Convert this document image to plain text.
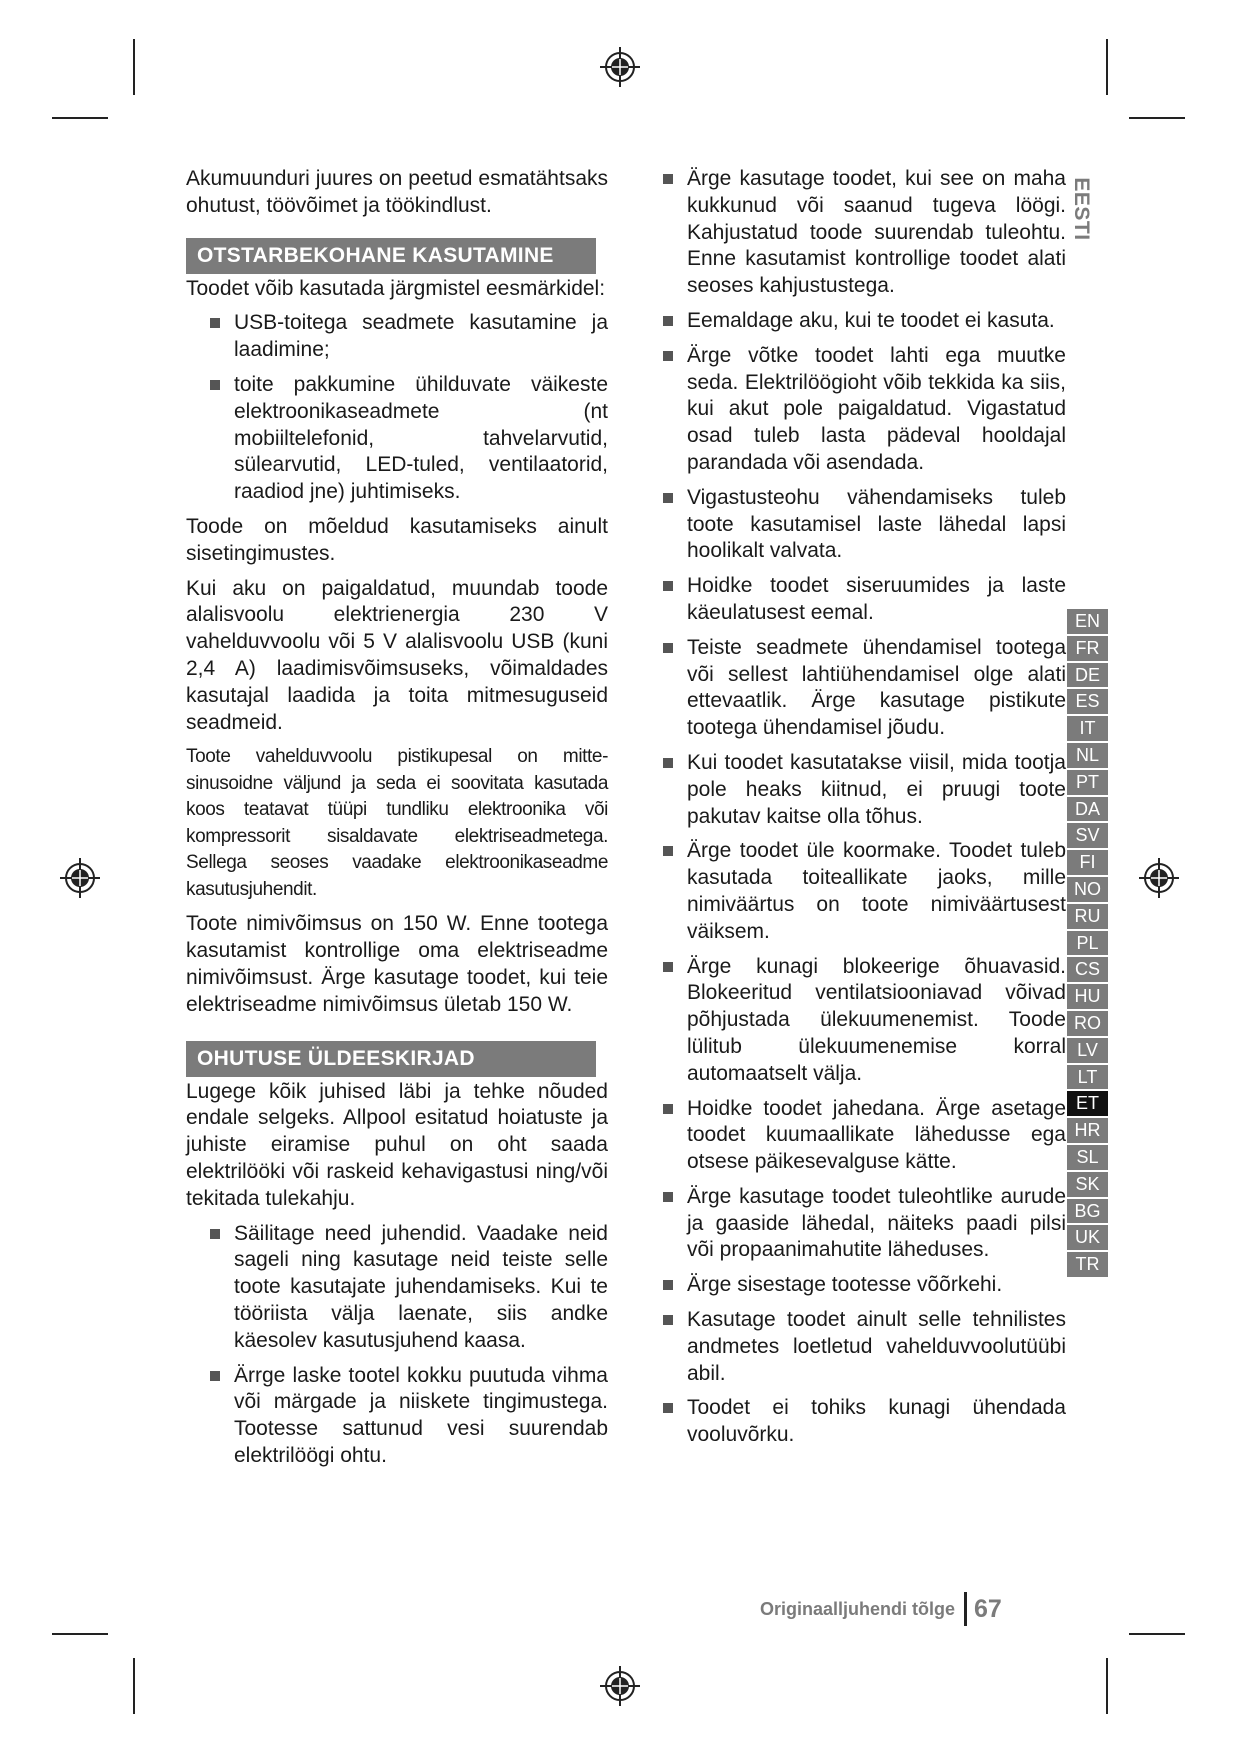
Akumuunduri juures on peetud esmatähtsaks ohutust, töövõimet ja töökindlust.

OTSTARBEKOHANE KASUTAMINE

Toodet võib kasutada järgmistel eesmärkidel:

USB-toitega seadmete kasutamine ja laadimine;
toite pakkumine ühilduvate väikeste elektroonikaseadmete (nt mobiiltelefonid, tahvelarvutid, sülearvutid, LED-tuled, ventilaatorid, raadiod jne) juhtimiseks.

Toode on mõeldud kasutamiseks ainult sisetingimustes.

Kui aku on paigaldatud, muundab toode alalisvoolu elektrienergia 230 V vahelduvvoolu või 5 V alalisvoolu USB (kuni 2,4 A) laadimisvõimsuseks, võimaldades kasutajal laadida ja toita mitmesuguseid seadmeid.

Toote vahelduvvoolu pistikupesal on mitte-sinusoidne väljund ja seda ei soovitata kasutada koos teatavat tüüpi tundliku elektroonika või kompressorit sisaldavate elektriseadmetega. Sellega seoses vaadake elektroonikaseadme kasutusjuhendit.

Toote nimivõimsus on 150 W. Enne tootega kasutamist kontrollige oma elektriseadme nimivõimsust. Ärge kasutage toodet, kui teie elektriseadme nimivõimsus ületab 150 W.

OHUTUSE ÜLDEESKIRJAD

Lugege kõik juhised läbi ja tehke nõuded endale selgeks. Allpool esitatud hoiatuste ja juhiste eiramise puhul on oht saada elektrilööki või raskeid kehavigastusi ning/või tekitada tulekahju.

Säilitage need juhendid. Vaadake neid sageli ning kasutage neid teiste selle toote kasutajate juhendamiseks. Kui te tööriista välja laenate, siis andke käesolev kasutusjuhend kaasa.
Ärrge laske tootel kokku puutuda vihma või märgade ja niiskete tingimustega. Tootesse sattunud vesi suurendab elektrilöögi ohtu.
Ärge kasutage toodet, kui see on maha kukkunud või saanud tugeva löögi. Kahjustatud toode suurendab tuleohtu. Enne kasutamist kontrollige toodet alati seoses kahjustustega.
Eemaldage aku, kui te toodet ei kasuta.
Ärge võtke toodet lahti ega muutke seda. Elektrilöögioht võib tekkida ka siis, kui akut pole paigaldatud. Vigastatud osad tuleb lasta pädeval hooldajal parandada või asendada.
Vigastusteohu vähendamiseks tuleb toote kasutamisel laste lähedal lapsi hoolikalt valvata.
Hoidke toodet siseruumides ja laste käeulatusest eemal.
Teiste seadmete ühendamisel tootega või sellest lahtiühendamisel olge alati ettevaatlik. Ärge kasutage pistikute tootega ühendamisel jõudu.
Kui toodet kasutatakse viisil, mida tootja pole heaks kiitnud, ei pruugi toote pakutav kaitse olla tõhus.
Ärge toodet üle koormake. Toodet tuleb kasutada toiteallikate jaoks, mille nimiväärtus on toote nimiväärtusest väiksem.
Ärge kunagi blokeerige õhuavasid. Blokeeritud ventilatsiooniavad võivad põhjustada ülekuumenemist. Toode lülitub ülekuumenemise korral automaatselt välja.
Hoidke toodet jahedana. Ärge asetage toodet kuumaallikate lähedusse ega otsese päikesevalguse kätte.
Ärge kasutage toodet tuleohtlike aurude ja gaaside lähedal, näiteks paadi pilsi või propaanimahutite läheduses.
Ärge sisestage tootesse võõrkehi.
Kasutage toodet ainult selle tehnilistes andmetes loetletud vahelduvvoolutüübi abil.
Toodet ei tohiks kunagi ühendada vooluvõrku.
EESTI
EN
FR
DE
ES
IT
NL
PT
DA
SV
FI
NO
RU
PL
CS
HU
RO
LV
LT
ET
HR
SL
SK
BG
UK
TR
Originaalljuhendi tõlge 67
